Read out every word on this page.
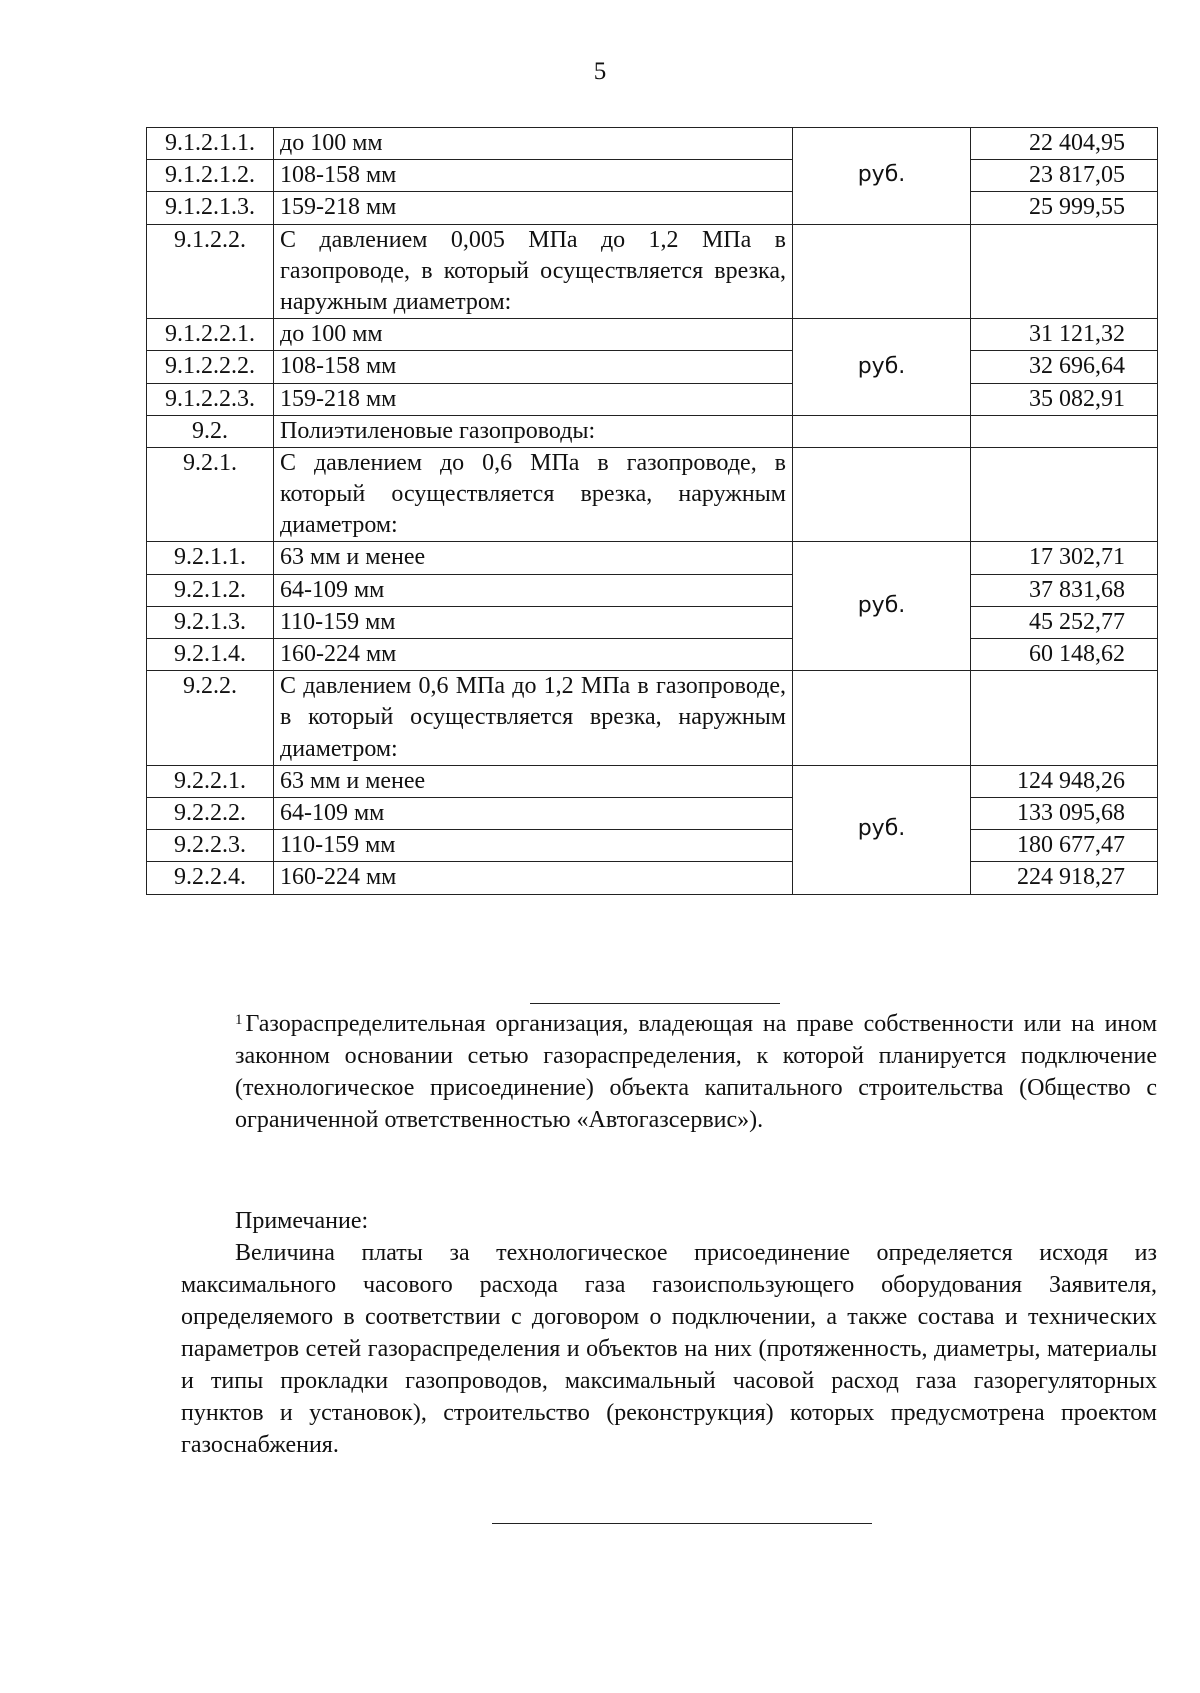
5
9.1.2.1.1.	до 100 мм	руб.	22 404,95
9.1.2.1.2.	108-158 мм		23 817,05
9.1.2.1.3.	159-218 мм		25 999,55
9.1.2.2.	С давлением 0,005 МПа до 1,2 МПа в газопроводе, в который осуществляется врезка, наружным диаметром:		
9.1.2.2.1.	до 100 мм	руб.	31 121,32
9.1.2.2.2.	108-158 мм		32 696,64
9.1.2.2.3.	159-218 мм		35 082,91
9.2.	Полиэтиленовые газопроводы:		
9.2.1.	С давлением до 0,6 МПа в газопроводе, в который осуществляется врезка, наружным диаметром:		
9.2.1.1.	63 мм и менее	руб.	17 302,71
9.2.1.2.	64-109 мм		37 831,68
9.2.1.3.	110-159 мм		45 252,77
9.2.1.4.	160-224 мм		60 148,62
9.2.2.	С давлением 0,6 МПа до 1,2 МПа в газопроводе, в который осуществляется врезка, наружным диаметром:		
9.2.2.1.	63 мм и менее	руб.	124 948,26
9.2.2.2.	64-109 мм		133 095,68
9.2.2.3.	110-159 мм		180 677,47
9.2.2.4.	160-224 мм		224 918,27
$^1$ Газораспределительная организация, владеющая на праве собственности или на ином законном основании сетью газораспределения, к которой планируется подключение (технологическое присоединение) объекта капитального строительства (Общество с ограниченной ответственностью «Автогазсервис»).
Примечание:

Величина платы за технологическое присоединение определяется исходя из максимального часового расхода газа газоиспользующего оборудования Заявителя, определяемого в соответствии с договором о подключении, а также состава и технических параметров сетей газораспределения и объектов на них (протяженность, диаметры, материалы и типы прокладки газопроводов, максимальный часовой расход газа газорегуляторных пунктов и установок), строительство (реконструкция) которых предусмотрена проектом газоснабжения.
